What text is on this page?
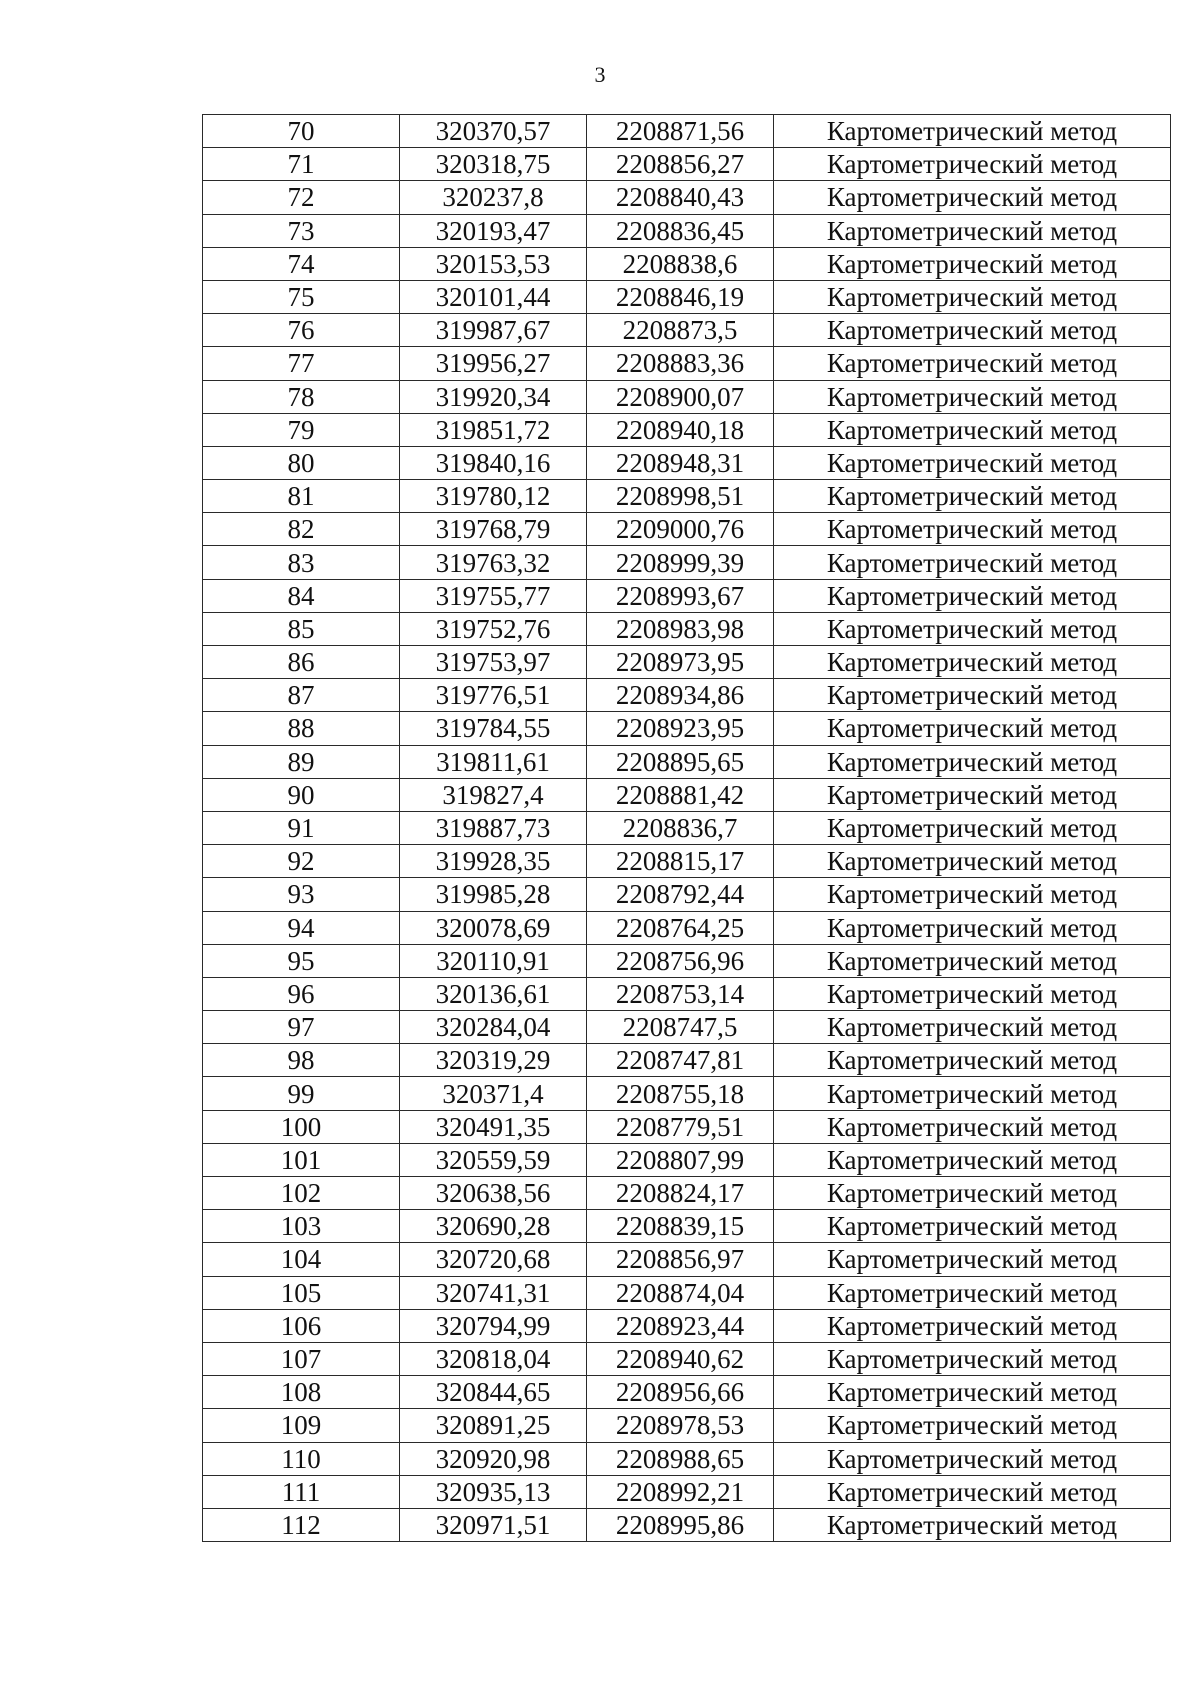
3
70	320370,57	2208871,56	Картометрический метод
71	320318,75	2208856,27	Картометрический метод
72	320237,8	2208840,43	Картометрический метод
73	320193,47	2208836,45	Картометрический метод
74	320153,53	2208838,6	Картометрический метод
75	320101,44	2208846,19	Картометрический метод
76	319987,67	2208873,5	Картометрический метод
77	319956,27	2208883,36	Картометрический метод
78	319920,34	2208900,07	Картометрический метод
79	319851,72	2208940,18	Картометрический метод
80	319840,16	2208948,31	Картометрический метод
81	319780,12	2208998,51	Картометрический метод
82	319768,79	2209000,76	Картометрический метод
83	319763,32	2208999,39	Картометрический метод
84	319755,77	2208993,67	Картометрический метод
85	319752,76	2208983,98	Картометрический метод
86	319753,97	2208973,95	Картометрический метод
87	319776,51	2208934,86	Картометрический метод
88	319784,55	2208923,95	Картометрический метод
89	319811,61	2208895,65	Картометрический метод
90	319827,4	2208881,42	Картометрический метод
91	319887,73	2208836,7	Картометрический метод
92	319928,35	2208815,17	Картометрический метод
93	319985,28	2208792,44	Картометрический метод
94	320078,69	2208764,25	Картометрический метод
95	320110,91	2208756,96	Картометрический метод
96	320136,61	2208753,14	Картометрический метод
97	320284,04	2208747,5	Картометрический метод
98	320319,29	2208747,81	Картометрический метод
99	320371,4	2208755,18	Картометрический метод
100	320491,35	2208779,51	Картометрический метод
101	320559,59	2208807,99	Картометрический метод
102	320638,56	2208824,17	Картометрический метод
103	320690,28	2208839,15	Картометрический метод
104	320720,68	2208856,97	Картометрический метод
105	320741,31	2208874,04	Картометрический метод
106	320794,99	2208923,44	Картометрический метод
107	320818,04	2208940,62	Картометрический метод
108	320844,65	2208956,66	Картометрический метод
109	320891,25	2208978,53	Картометрический метод
110	320920,98	2208988,65	Картометрический метод
111	320935,13	2208992,21	Картометрический метод
112	320971,51	2208995,86	Картометрический метод
